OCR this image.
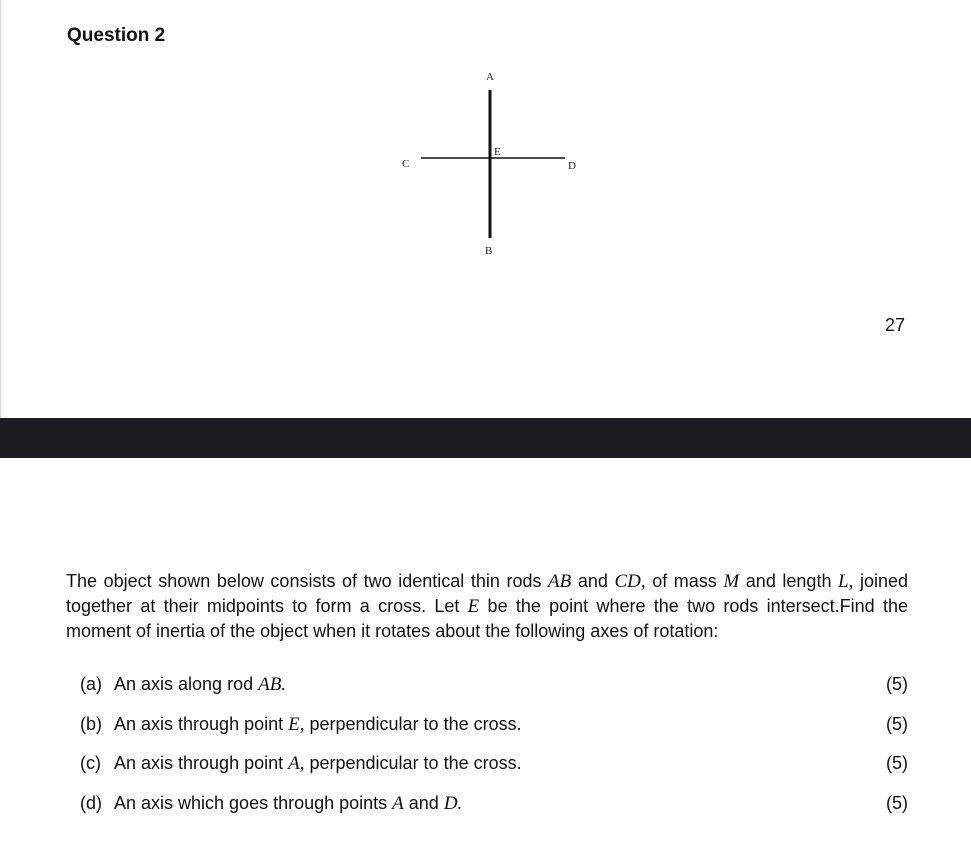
Question 2
A
B
C	D
E
27

The object shown below consists of two identical thin rods AB and CD, of mass M and length L, joined together at their midpoints to form a cross. Let E be the point where the two rods intersect.Find the moment of inertia of the object when it rotates about the following axes of rotation:

(a) An axis along rod AB.	(5)
(b) An axis through point E, perpendicular to the cross.	(5)
(c) An axis through point A, perpendicular to the cross.	(5)
(d) An axis which goes through points A and D.	(5)
